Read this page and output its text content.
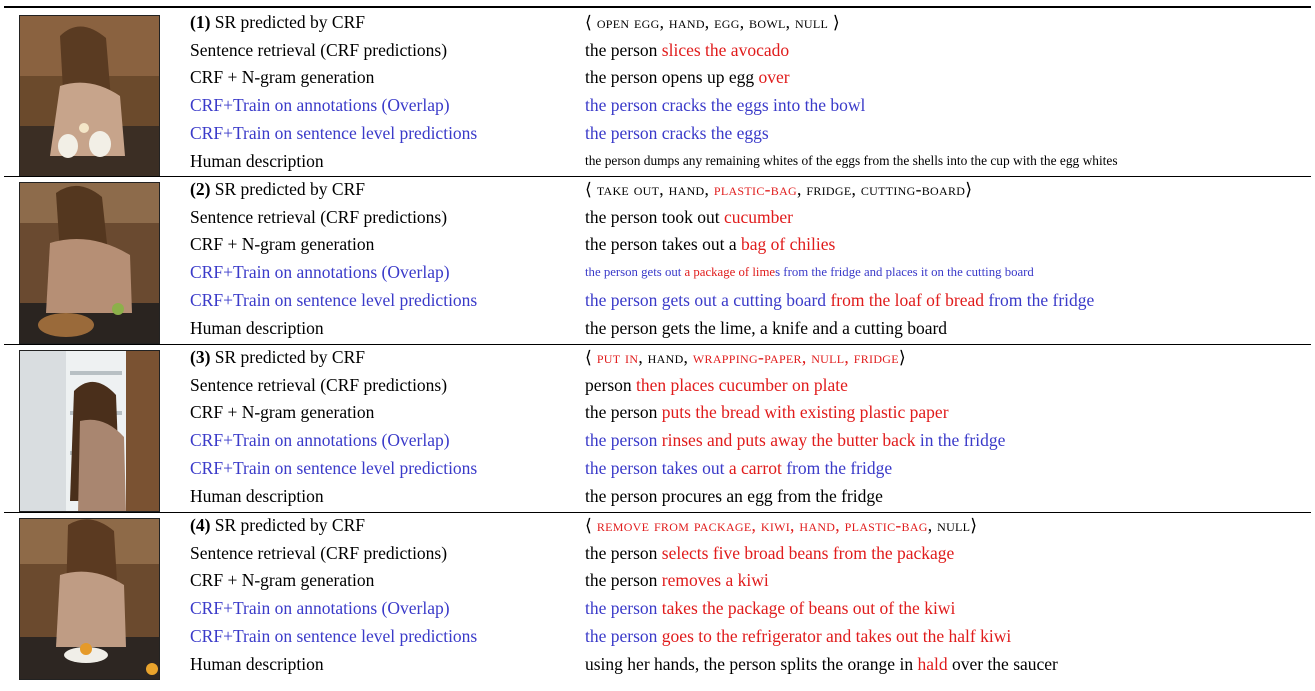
(1) SR predicted by CRF	⟨ open egg, hand, egg, bowl, null ⟩
Sentence retrieval (CRF predictions)	the person slices the avocado
CRF + N-gram generation	the person opens up egg over
CRF+Train on annotations (Overlap)	the person cracks the eggs into the bowl
CRF+Train on sentence level predictions	the person cracks the eggs
Human description	the person dumps any remaining whites of the eggs from the shells into the cup with the egg whites
(2) SR predicted by CRF	⟨ take out, hand, plastic-bag, fridge, cutting-board⟩
Sentence retrieval (CRF predictions)	the person took out cucumber
CRF + N-gram generation	the person takes out a bag of chilies
CRF+Train on annotations (Overlap)	the person gets out a package of limes from the fridge and places it on the cutting board
CRF+Train on sentence level predictions	the person gets out a cutting board from the loaf of bread from the fridge
Human description	the person gets the lime, a knife and a cutting board
(3) SR predicted by CRF	⟨ put in, hand, wrapping-paper, null, fridge⟩
Sentence retrieval (CRF predictions)	person then places cucumber on plate
CRF + N-gram generation	the person puts the bread with existing plastic paper
CRF+Train on annotations (Overlap)	the person rinses and puts away the butter back in the fridge
CRF+Train on sentence level predictions	the person takes out a carrot from the fridge
Human description	the person procures an egg from the fridge
(4) SR predicted by CRF	⟨ remove from package, kiwi, hand, plastic-bag, null⟩
Sentence retrieval (CRF predictions)	the person selects five broad beans from the package
CRF + N-gram generation	the person removes a kiwi
CRF+Train on annotations (Overlap)	the person takes the package of beans out of the kiwi
CRF+Train on sentence level predictions	the person goes to the refrigerator and takes out the half kiwi
Human description	using her hands, the person splits the orange in hald over the saucer
